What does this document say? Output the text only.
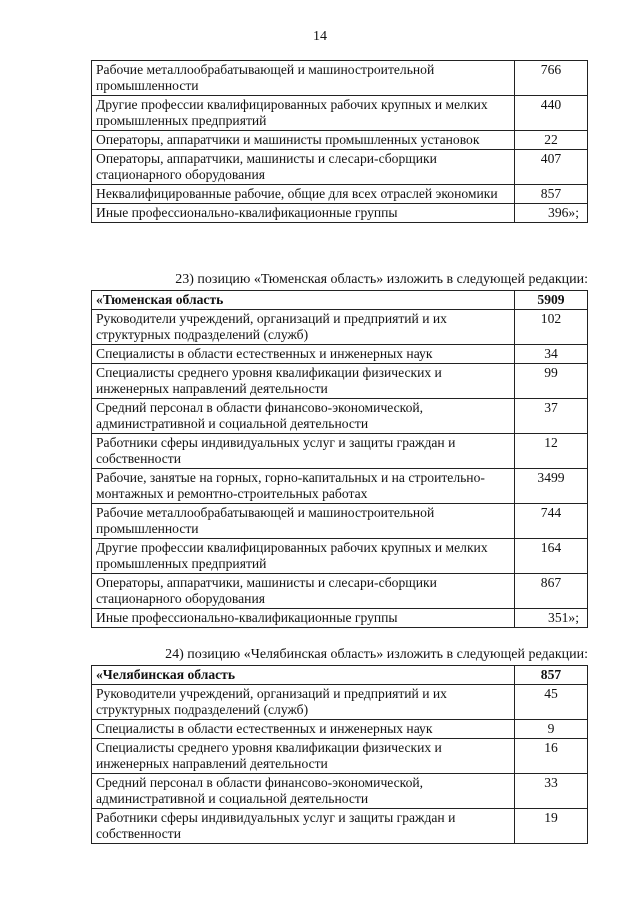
14
Рабочие металлообрабатывающей и машиностроительной промышленности	766
Другие профессии квалифицированных рабочих крупных и мелких промышленных предприятий	440
Операторы, аппаратчики и машинисты промышленных установок	22
Операторы, аппаратчики, машинисты и слесари-сборщики стационарного оборудования	407
Неквалифицированные рабочие, общие для всех отраслей экономики	857
Иные профессионально-квалификационные группы	396»;
23) позицию «Тюменская область» изложить в следующей редакции:
«Тюменская область	5909
Руководители учреждений, организаций и предприятий и их структурных подразделений (служб)	102
Специалисты в области естественных и инженерных наук	34
Специалисты среднего уровня квалификации физических и инженерных направлений деятельности	99
Средний персонал в области финансово-экономической, административной и социальной деятельности	37
Работники сферы индивидуальных услуг и защиты граждан и собственности	12
Рабочие, занятые на горных, горно-капитальных и на строительно-монтажных и ремонтно-строительных работах	3499
Рабочие металлообрабатывающей и машиностроительной промышленности	744
Другие профессии квалифицированных рабочих крупных и мелких промышленных предприятий	164
Операторы, аппаратчики, машинисты и слесари-сборщики стационарного оборудования	867
Иные профессионально-квалификационные группы	351»;
24) позицию «Челябинская область» изложить в следующей редакции:
«Челябинская область	857
Руководители учреждений, организаций и предприятий и их структурных подразделений (служб)	45
Специалисты в области естественных и инженерных наук	9
Специалисты среднего уровня квалификации физических и инженерных направлений деятельности	16
Средний персонал в области финансово-экономической, административной и социальной деятельности	33
Работники сферы индивидуальных услуг и защиты граждан и собственности	19
